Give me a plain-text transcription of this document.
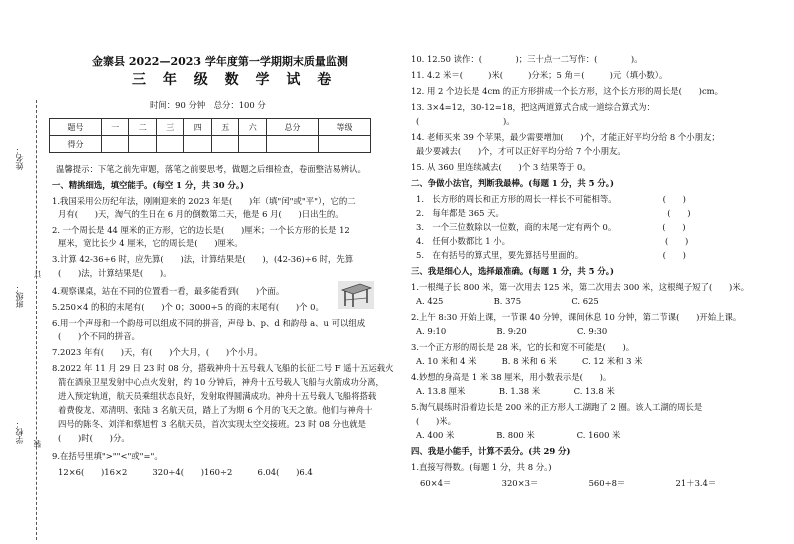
姓名：
班级：
学校：
订
装
金寨县 2022—2023 学年度第一学期期末质量监测
三 年 级 数 学 试 卷
时间：90 分钟　总分：100 分
题号	一	二	三	四	五	六	总分	等级
得分								
温馨提示：下笔之前先审题，落笔之前要思考，做题之后细检查，卷面整洁易辨认。
一、精挑细选，填空能手。(每空 1 分，共 30 分。)
1.我国采用公历纪年法，刚刚迎来的 2023 年是(　　)年（填"闰"或"平"），它的二
月有(　　)天，淘气的生日在 6 月的倒数第二天，他是 6 月(　　)日出生的。
2. 一个周长是 44 厘米的正方形，它的边长是(　　)厘米；一个长方形的长是 12
厘米，宽比长少 4 厘米，它的周长是(　　)厘米。
3.计算 42-36÷6 时，应先算(　　)法，计算结果是(　　)，(42-36)÷6 时，先算
(　　)法，计算结果是(　　)。
4.观察课桌，站在不同的位置看一看，最多能看到(　　)个面。
5.250×4 的积的末尾有(　　)个 0；3000÷5 的商的末尾有(　　)个 0。
6.用一个声母和一个韵母可以组成不同的拼音，声母 b、p、d 和韵母 a、u 可以组成
(　　)个不同的拼音。
7.2023 年有(　　)天，有(　　)个大月，(　　)个小月。
8.2022 年 11 月 29 日 23 时 08 分，搭载神舟十五号载人飞船的长征二号 F 遥十五运载火
箭在酒泉卫星发射中心点火发射，约 10 分钟后，神舟十五号载人飞船与火箭成功分离，
进入预定轨道，航天员乘组状态良好，发射取得圆满成功。神舟十五号载人飞船将搭载
着费俊龙、邓清明、张陆 3 名航天员，踏上了为期 6 个月的飞天之旅。他们与神舟十
四号的陈冬、刘洋和蔡旭哲 3 名航天员，首次实现太空交接班。23 时 08 分也就是
(　　)时(　　)分。
9.在括号里填">""<"或"="。
12×6(　　)16×2　　　320÷4(　　)160÷2　　　6.04(　　)6.4
10. 12.50 读作：(　　　　)；三十点一二写作：(　　　　)。
11. 4.2 米＝(　　　)米(　　　)分米；5 角＝(　　　)元（填小数）。
12. 用 2 个边长是 4cm 的正方形拼成一个长方形，这个长方形的周长是(　　)cm。
13. 3×4=12，30-12=18，把这两道算式合成一道综合算式为：
(　　　　　　　　　　)。
14. 老师买来 39 个苹果，最少需要增加(　　)个，才能正好平均分给 8 个小朋友；
最少要减去(　　)个，才可以正好平均分给 7 个小朋友。
15. 从 360 里连续减去(　　)个 3 结果等于 0。
二、争做小法官，判断我最棒。(每题 1 分，共 5 分。)
1.　长方形的周长和正方形的周长一样长不可能相等。　　　　　　(　　)
2.　每年都是 365 天。　　　　　　　　　　　　　　　　　　　　(　　)
3.　一个三位数除以一位数，商的末尾一定有两个 0。　　　　　　(　　)
4.　任何小数都比 1 小。　　　　　　　　　　　　　　　　　　　(　　)
5.　在有括号的算式里，要先算括号里面的。　　　　　　　　　　(　　)
三、我是细心人，选择最准确。(每题 1 分，共 5 分。)
1.一根绳子长 800 米，第一次用去 125 米，第二次用去 300 米，这根绳子短了(　　)米。
A. 425　　　　　　B. 375　　　　　　C. 625
2.上午 8:30 开始上课，一节课 40 分钟，课间休息 10 分钟，第二节课(　　)开始上课。
A. 9:10　　　　　　B. 9:20　　　　　　C. 9:30
3.一个正方形的周长是 28 米，它的长和宽不可能是(　　)。
A. 10 米和 4 米　　　B. 8 米和 6 米　　　C. 12 米和 3 米
4.妙想的身高是 1 米 38 厘米，用小数表示是(　　)。
A. 13.8 厘米　　　　B. 1.38 米　　　　C. 13.8 米
5.淘气晨练时沿着边长是 200 米的正方形人工湖跑了 2 圈。该人工湖的周长是
(　　)米。
A. 400 米　　　　　B. 800 米　　　　　C. 1600 米
四、我是小能手，计算不丢分。(共 29 分)
1.直接写得数。(每题 1 分，共 8 分。)
60×4＝　　　　　　320×3＝　　　　　　560÷8＝　　　　　　21＋3.4＝
